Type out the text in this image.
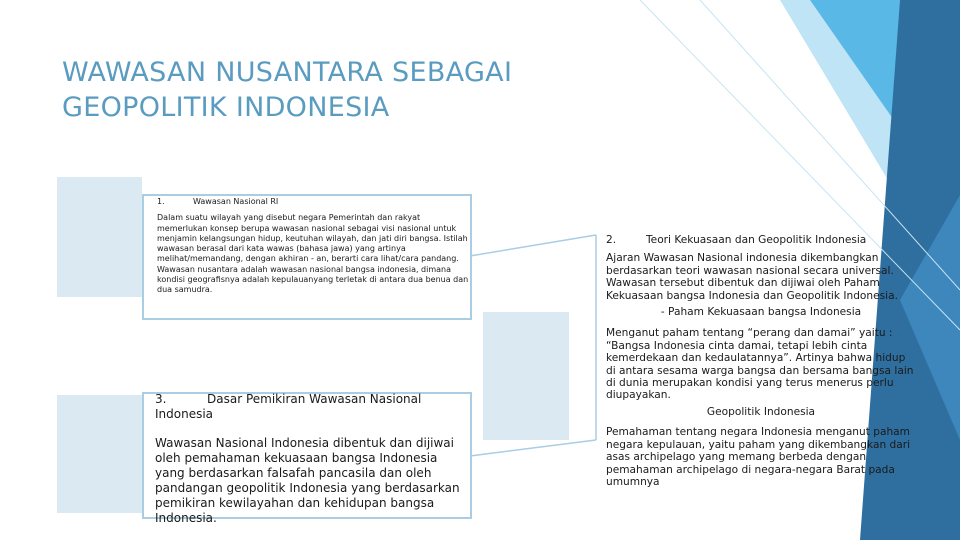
WAWASAN NUSANTARA SEBAGAI
GEOPOLITIK INDONESIA

1.	Wawasan Nasional RI

Dalam suatu wilayah yang disebut negara Pemerintah dan rakyat memerlukan konsep berupa wawasan nasional sebagai visi nasional untuk menjamin kelangsungan hidup, keutuhan wilayah, dan jati diri bangsa. Istilah wawasan berasal dari kata wawas (bahasa jawa) yang artinya melihat/memandang, dengan akhiran - an, berarti cara lihat/cara pandang. Wawasan nusantara adalah wawasan nasional bangsa indonesia, dimana kondisi geografisnya adalah kepulauanyang terletak di antara dua benua dan dua samudra.

3.	Dasar Pemikiran Wawasan Nasional Indonesia

Wawasan Nasional Indonesia dibentuk dan dijiwai oleh pemahaman kekuasaan bangsa Indonesia yang berdasarkan falsafah pancasila dan oleh pandangan geopolitik Indonesia yang berdasarkan pemikiran kewilayahan dan kehidupan bangsa Indonesia.

2.	Teori Kekuasaan dan Geopolitik Indonesia

Ajaran Wawasan Nasional indonesia dikembangkan berdasarkan teori wawasan nasional secara universal. Wawasan tersebut dibentuk dan dijiwai oleh Paham Kekuasaan bangsa Indonesia dan Geopolitik Indonesia.

- Paham Kekuasaan bangsa Indonesia

Menganut paham tentang “perang dan damai” yaitu : “Bangsa Indonesia cinta damai, tetapi lebih cinta kemerdekaan dan kedaulatannya”. Artinya bahwa hidup di antara sesama warga bangsa dan bersama bangsa lain di dunia merupakan kondisi yang terus menerus perlu diupayakan.

Geopolitik Indonesia

Pemahaman tentang negara Indonesia menganut paham negara kepulauan, yaitu paham yang dikembangkan dari asas archipelago yang memang berbeda dengan pemahaman archipelago di negara-negara Barat pada umumnya
